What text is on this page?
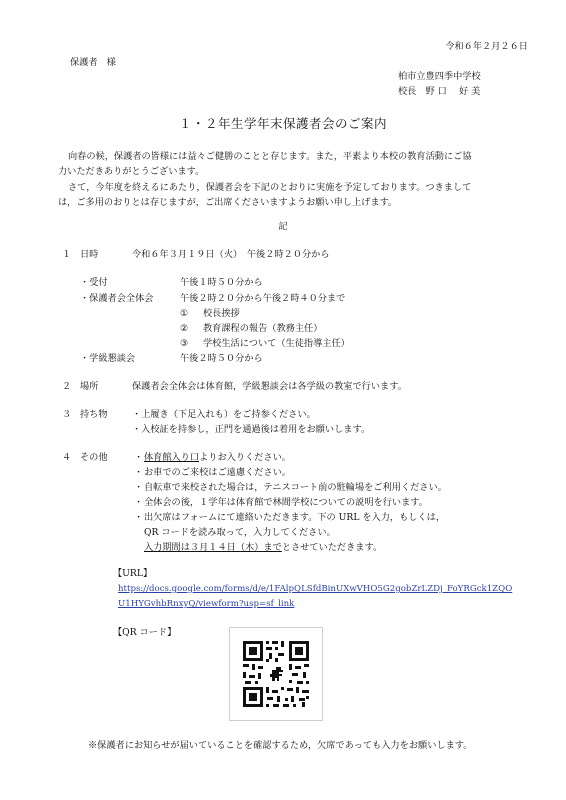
令和６年２月２６日
保護者　様
柏市立豊四季中学校
校長　野 口　 好 美
１・２年生学年末保護者会のご案内
向春の候，保護者の皆様には益々ご健勝のことと存じます。また，平素より本校の教育活動にご協
力いただきありがとうございます。
さて，今年度を終えるにあたり，保護者会を下記のとおりに実施を予定しております。つきまして
は，ご多用のおりとは存じますが，ご出席くださいますようお願い申し上げます。
記
１ 日時	令和６年３月１９日（火）　午後２時２０分から
・受付	午後１時５０分から
・保護者会全体会	午後２時２０分から午後２時４０分まで
① 校長挨拶
② 教育課程の報告（教務主任）
③ 学校生活について（生徒指導主任）
・学級懇談会	午後２時５０分から
２ 場所	保護者会全体会は体育館，学級懇談会は各学級の教室で行います。
３ 持ち物	・上履き（下足入れも）をご持参ください。
・入校証を持参し，正門を通過後は着用をお願いします。
４ その他	・体育館入り口よりお入りください。
・お車でのご来校はご遠慮ください。
・自転車で来校された場合は，テニスコート前の駐輪場をご利用ください。
・全体会の後，１学年は体育館で林間学校についての説明を行います。
・出欠席はフォームにて連絡いただきます。下の URL を入力，もしくは，
QR コードを読み取って，入力してください。
入力期間は３月１４日（木）までとさせていただきます。
【URL】
https://docs.google.com/forms/d/e/1FAlpQLSfdBinUXwVHO5G2gobZrLZDj_FoYRGck1ZQO
U1HYGvhbRnxyQ/viewform?usp=sf_link
【QR コード】
※保護者にお知らせが届いていることを確認するため，欠席であっても入力をお願いします。
